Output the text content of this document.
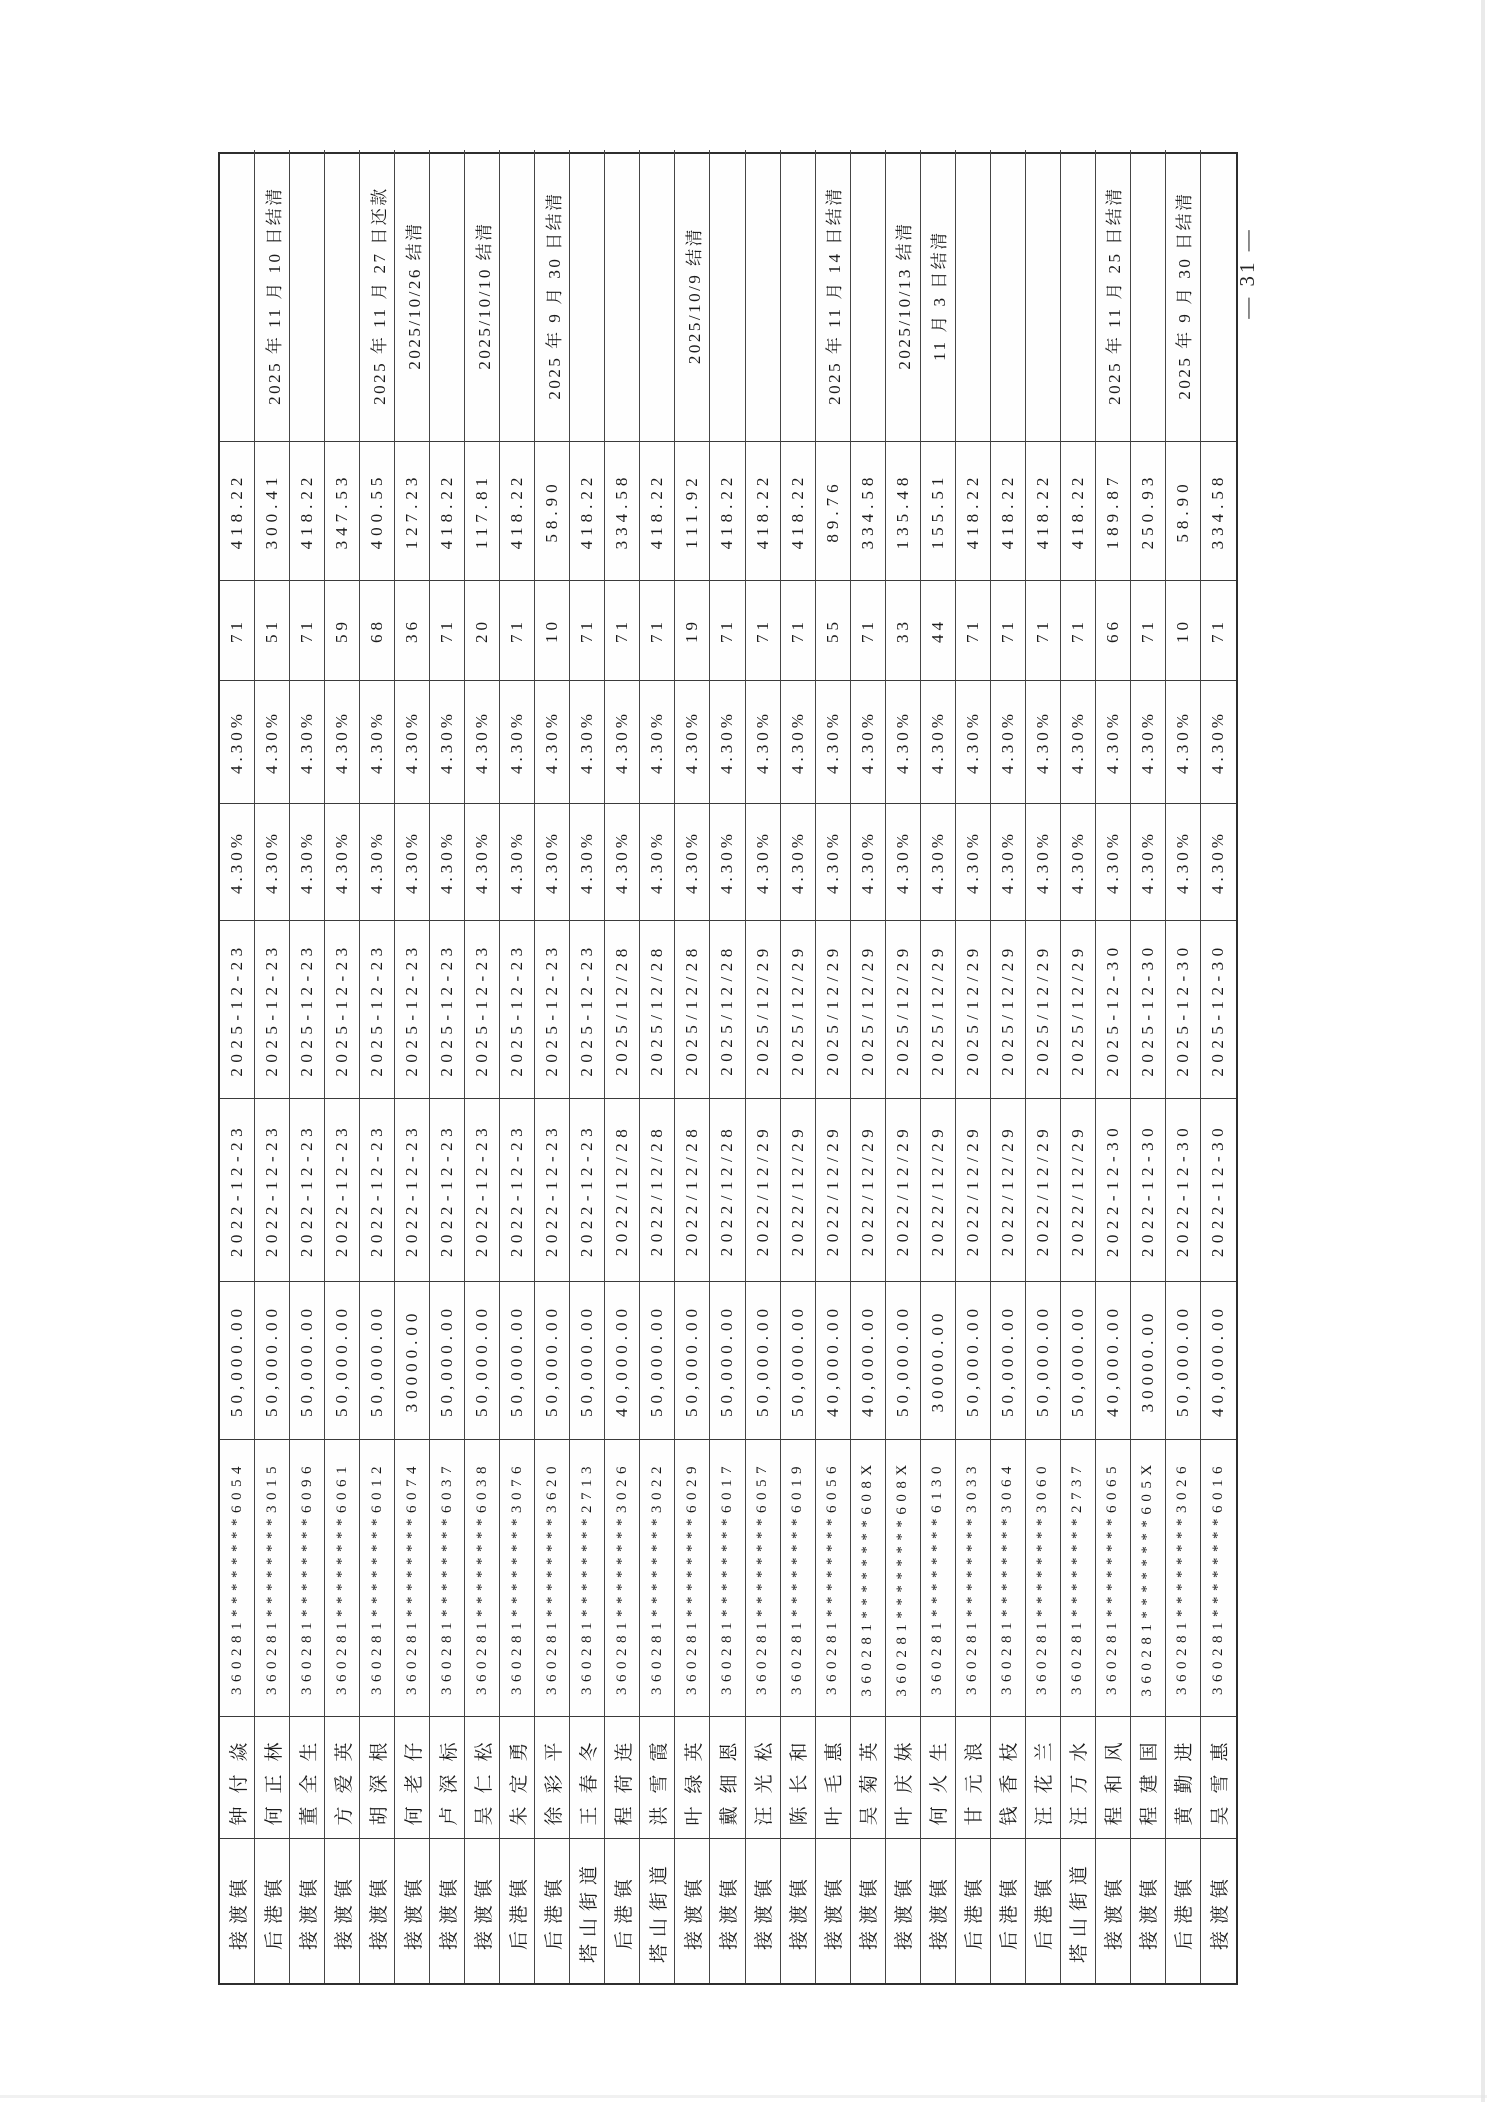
接渡镇
钟付焱
360281********6054
50,000.00
2022-12-23
2025-12-23
4.30%
4.30%
71
418.22
后港镇
何正林
360281********3015
50,000.00
2022-12-23
2025-12-23
4.30%
4.30%
51
300.41
2025 年 11 月 10 日结清
接渡镇
董全生
360281********6096
50,000.00
2022-12-23
2025-12-23
4.30%
4.30%
71
418.22
接渡镇
方爱英
360281********6061
50,000.00
2022-12-23
2025-12-23
4.30%
4.30%
59
347.53
接渡镇
胡深根
360281********6012
50,000.00
2022-12-23
2025-12-23
4.30%
4.30%
68
400.55
2025 年 11 月 27 日还款
接渡镇
何老仔
360281********6074
30000.00
2022-12-23
2025-12-23
4.30%
4.30%
36
127.23
2025/10/26 结清
接渡镇
卢深标
360281********6037
50,000.00
2022-12-23
2025-12-23
4.30%
4.30%
71
418.22
接渡镇
吴仁松
360281********6038
50,000.00
2022-12-23
2025-12-23
4.30%
4.30%
20
117.81
2025/10/10 结清
后港镇
朱定勇
360281********3076
50,000.00
2022-12-23
2025-12-23
4.30%
4.30%
71
418.22
后港镇
徐彩平
360281********3620
50,000.00
2022-12-23
2025-12-23
4.30%
4.30%
10
58.90
2025 年 9 月 30 日结清
塔山街道
王春冬
360281********2713
50,000.00
2022-12-23
2025-12-23
4.30%
4.30%
71
418.22
后港镇
程荷连
360281********3026
40,000.00
2022/12/28
2025/12/28
4.30%
4.30%
71
334.58
塔山街道
洪雪霞
360281********3022
50,000.00
2022/12/28
2025/12/28
4.30%
4.30%
71
418.22
接渡镇
叶绿英
360281********6029
50,000.00
2022/12/28
2025/12/28
4.30%
4.30%
19
111.92
2025/10/9 结清
接渡镇
戴细恩
360281********6017
50,000.00
2022/12/28
2025/12/28
4.30%
4.30%
71
418.22
接渡镇
汪光松
360281********6057
50,000.00
2022/12/29
2025/12/29
4.30%
4.30%
71
418.22
接渡镇
陈长和
360281********6019
50,000.00
2022/12/29
2025/12/29
4.30%
4.30%
71
418.22
接渡镇
叶毛惠
360281********6056
40,000.00
2022/12/29
2025/12/29
4.30%
4.30%
55
89.76
2025 年 11 月 14 日结清
接渡镇
吴菊英
360281********608X
40,000.00
2022/12/29
2025/12/29
4.30%
4.30%
71
334.58
接渡镇
叶庆妹
360281********608X
50,000.00
2022/12/29
2025/12/29
4.30%
4.30%
33
135.48
2025/10/13 结清
接渡镇
何火生
360281********6130
30000.00
2022/12/29
2025/12/29
4.30%
4.30%
44
155.51
11 月 3 日结清
后港镇
甘元浪
360281********3033
50,000.00
2022/12/29
2025/12/29
4.30%
4.30%
71
418.22
后港镇
钱香枝
360281********3064
50,000.00
2022/12/29
2025/12/29
4.30%
4.30%
71
418.22
后港镇
汪花兰
360281********3060
50,000.00
2022/12/29
2025/12/29
4.30%
4.30%
71
418.22
塔山街道
汪万水
360281********2737
50,000.00
2022/12/29
2025/12/29
4.30%
4.30%
71
418.22
接渡镇
程和风
360281********6065
40,000.00
2022-12-30
2025-12-30
4.30%
4.30%
66
189.87
2025 年 11 月 25 日结清
接渡镇
程建国
360281********605X
30000.00
2022-12-30
2025-12-30
4.30%
4.30%
71
250.93
后港镇
黄勤进
360281********3026
50,000.00
2022-12-30
2025-12-30
4.30%
4.30%
10
58.90
2025 年 9 月 30 日结清
接渡镇
吴雪惠
360281********6016
40,000.00
2022-12-30
2025-12-30
4.30%
4.30%
71
334.58
— 31 —
